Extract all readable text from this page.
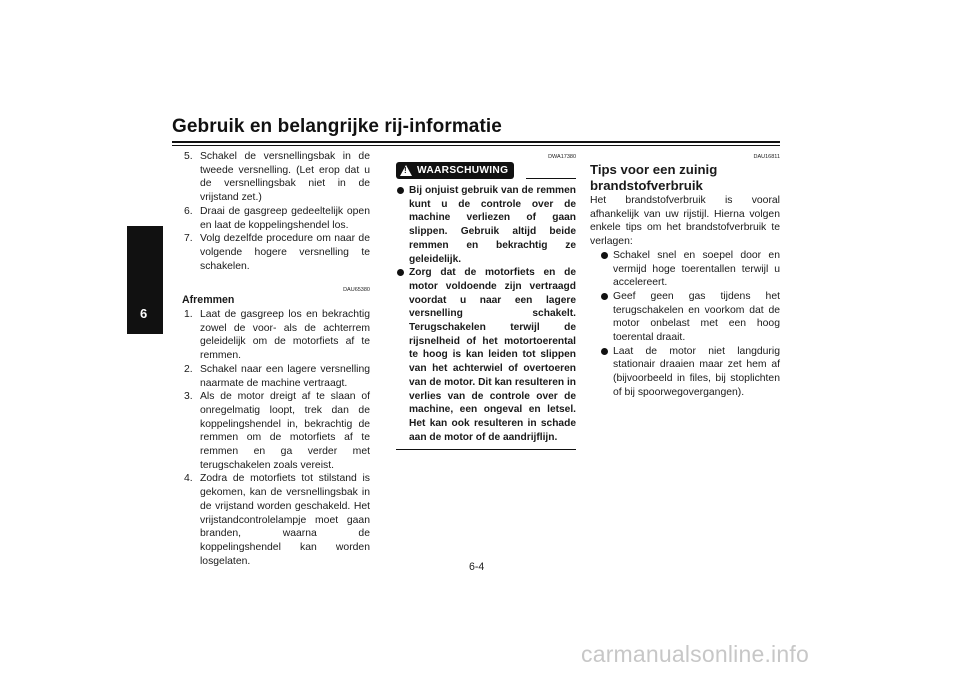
Gebruik en belangrijke rij-informatie
6
5. Schakel de versnellingsbak in de tweede versnelling. (Let erop dat u de versnellingsbak niet in de vrijstand zet.)
6. Draai de gasgreep gedeeltelijk open en laat de koppelingshendel los.
7. Volg dezelfde procedure om naar de volgende hogere versnelling te schakelen.
DAU65380
Afremmen
1. Laat de gasgreep los en bekrachtig zowel de voor- als de achterrem geleidelijk om de motorfiets af te remmen.
2. Schakel naar een lagere versnelling naarmate de machine vertraagt.
3. Als de motor dreigt af te slaan of onregelmatig loopt, trek dan de koppelingshendel in, bekrachtig de remmen om de motorfiets af te remmen en ga verder met terugschakelen zoals vereist.
4. Zodra de motorfiets tot stilstand is gekomen, kan de versnellingsbak in de vrijstand worden geschakeld. Het vrijstandcontrolelampje moet gaan branden, waarna de koppelingshendel kan worden losgelaten.
DWA17380
!
WAARSCHUWING
Bij onjuist gebruik van de remmen kunt u de controle over de machine verliezen of gaan slippen. Gebruik altijd beide remmen en bekrachtig ze geleidelijk.
Zorg dat de motorfiets en de motor voldoende zijn vertraagd voordat u naar een lagere versnelling schakelt. Terugschakelen terwijl de rijsnelheid of het motortoerental te hoog is kan leiden tot slippen van het achterwiel of overtoeren van de motor. Dit kan resulteren in verlies van de controle over de machine, een ongeval en letsel. Het kan ook resulteren in schade aan de motor of de aandrijflijn.
DAU16811
Tips voor een zuinig brandstofverbruik
Het brandstofverbruik is vooral afhankelijk van uw rijstijl. Hierna volgen enkele tips om het brandstofverbruik te verlagen:
Schakel snel en soepel door en vermijd hoge toerentallen terwijl u accelereert.
Geef geen gas tijdens het terugschakelen en voorkom dat de motor onbelast met een hoog toerental draait.
Laat de motor niet langdurig stationair draaien maar zet hem af (bijvoorbeeld in files, bij stoplichten of bij spoorwegovergangen).
6-4
carmanualsonline.info
